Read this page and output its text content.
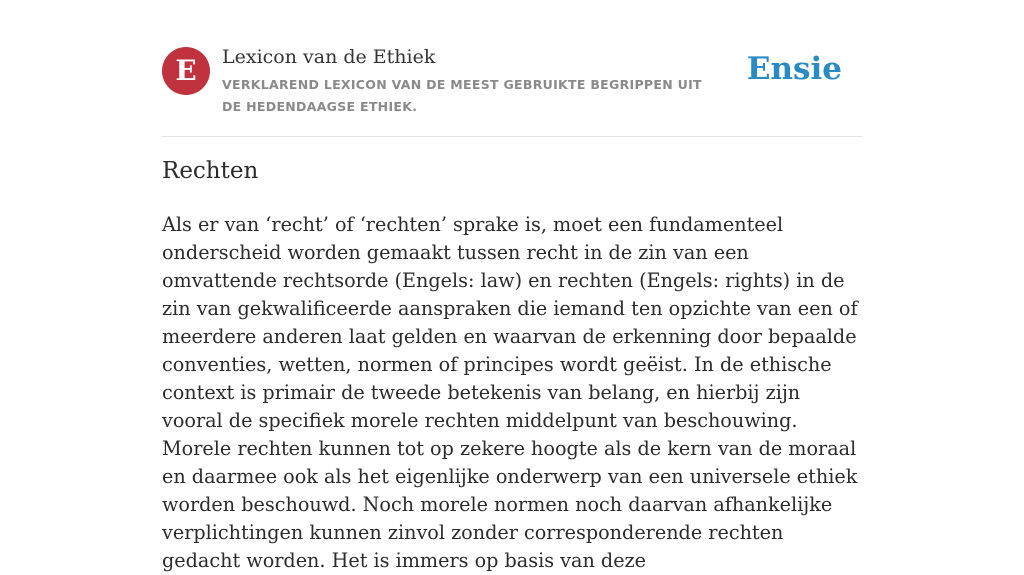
E	Lexicon van de Ethiek
VERKLAREND LEXICON VAN DE MEEST GEBRUIKTE BEGRIPPEN UIT DE HEDENDAAGSE ETHIEK.
Ensie
Rechten

Als er van ‘recht’ of ‘rechten’ sprake is, moet een fundamenteel onderscheid worden gemaakt tussen recht in de zin van een omvattende rechtsorde (Engels: law) en rechten (Engels: rights) in de zin van gekwalificeerde aanspraken die iemand ten opzichte van een of meerdere anderen laat gelden en waarvan de erkenning door bepaalde conventies, wetten, normen of principes wordt geëist. In de ethische context is primair de tweede betekenis van belang, en hierbij zijn vooral de specifiek morele rechten middelpunt van beschouwing. Morele rechten kunnen tot op zekere hoogte als de kern van de moraal en daarmee ook als het eigenlijke onderwerp van een universele ethiek worden beschouwd. Noch morele normen noch daarvan afhankelijke verplichtingen kunnen zinvol zonder corresponderende rechten gedacht worden. Het is immers op basis van deze
